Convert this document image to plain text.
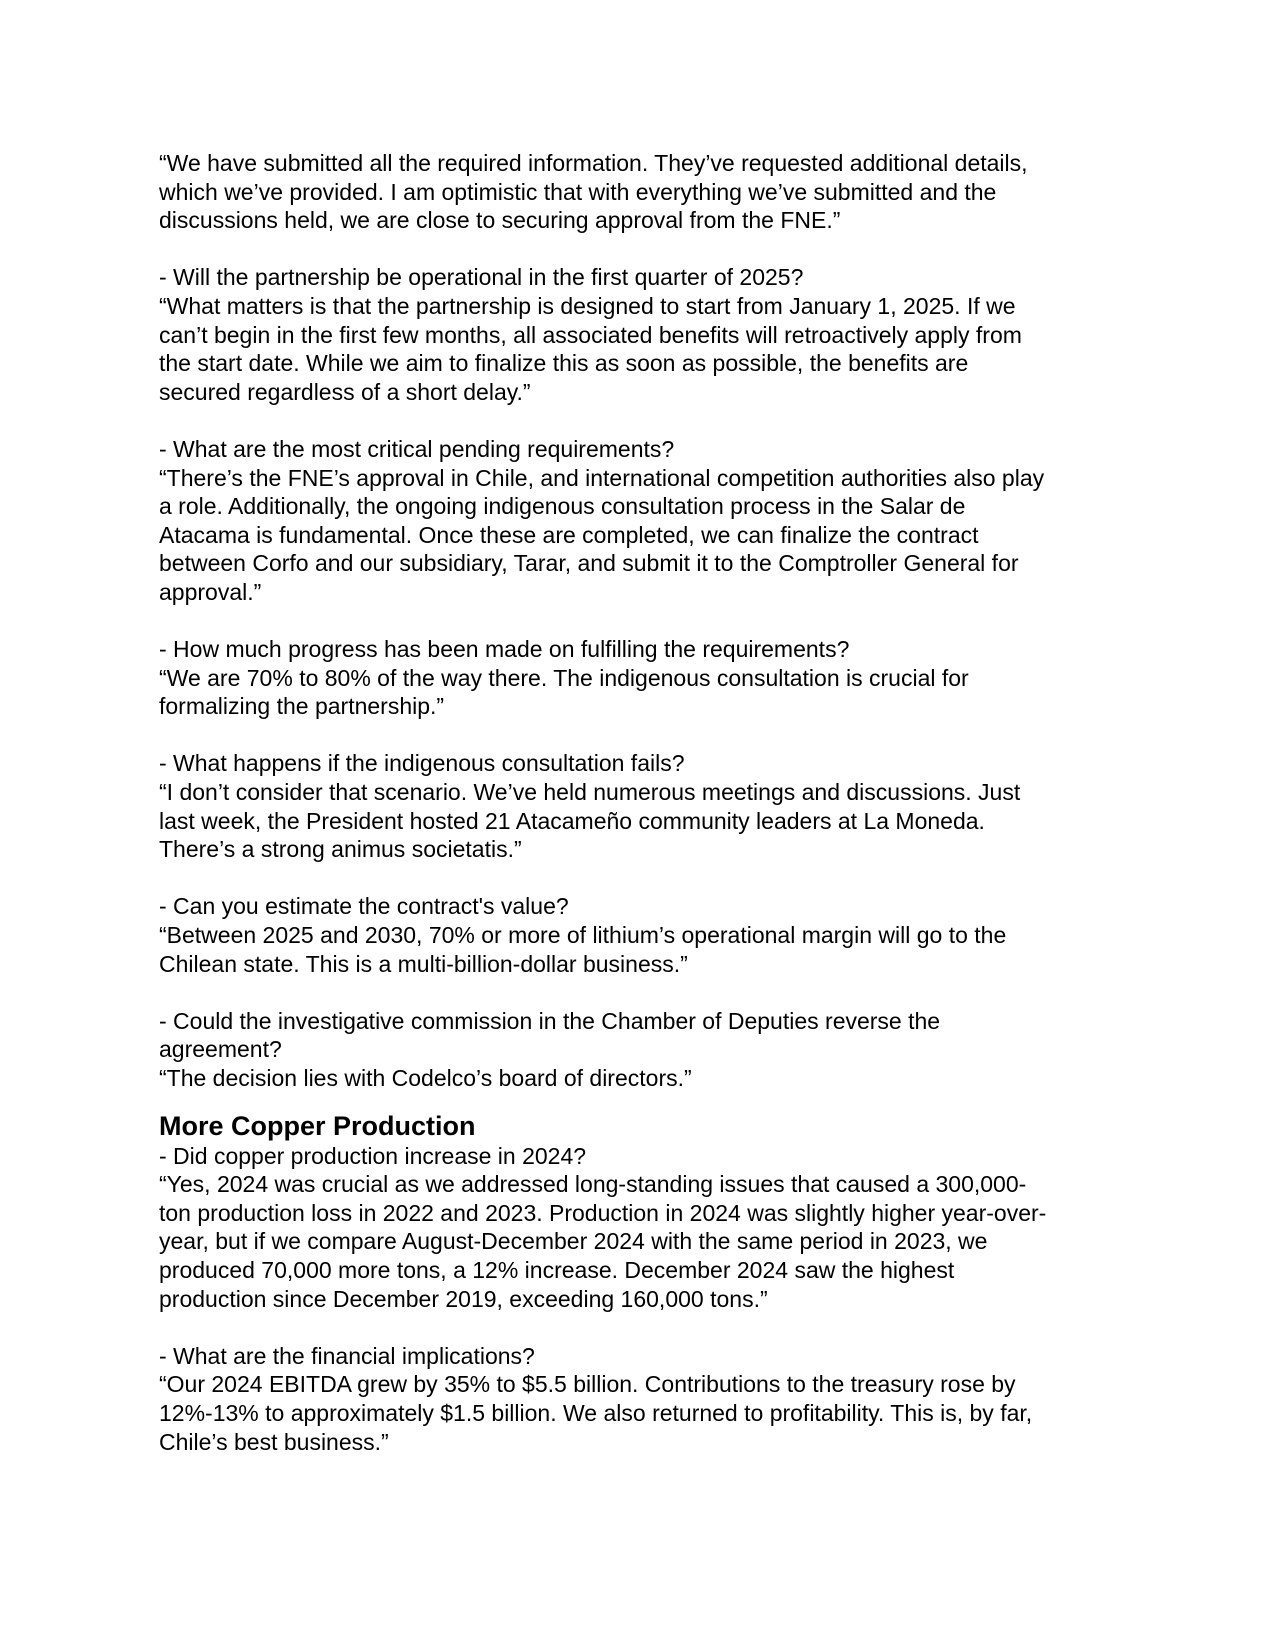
“We have submitted all the required information. They’ve requested additional details,
which we’ve provided. I am optimistic that with everything we’ve submitted and the
discussions held, we are close to securing approval from the FNE.”

- Will the partnership be operational in the first quarter of 2025?

“What matters is that the partnership is designed to start from January 1, 2025. If we
can’t begin in the first few months, all associated benefits will retroactively apply from
the start date. While we aim to finalize this as soon as possible, the benefits are
secured regardless of a short delay.”

- What are the most critical pending requirements?

“There’s the FNE’s approval in Chile, and international competition authorities also play
a role. Additionally, the ongoing indigenous consultation process in the Salar de
Atacama is fundamental. Once these are completed, we can finalize the contract
between Corfo and our subsidiary, Tarar, and submit it to the Comptroller General for
approval.”

- How much progress has been made on fulfilling the requirements?

“We are 70% to 80% of the way there. The indigenous consultation is crucial for
formalizing the partnership.”

- What happens if the indigenous consultation fails?

“I don’t consider that scenario. We’ve held numerous meetings and discussions. Just
last week, the President hosted 21 Atacameño community leaders at La Moneda.
There’s a strong animus societatis.”

- Can you estimate the contract's value?

“Between 2025 and 2030, 70% or more of lithium’s operational margin will go to the
Chilean state. This is a multi-billion-dollar business.”

- Could the investigative commission in the Chamber of Deputies reverse the
agreement?

“The decision lies with Codelco’s board of directors.”

More Copper Production

- Did copper production increase in 2024?

“Yes, 2024 was crucial as we addressed long-standing issues that caused a 300,000-
ton production loss in 2022 and 2023. Production in 2024 was slightly higher year-over-
year, but if we compare August-December 2024 with the same period in 2023, we
produced 70,000 more tons, a 12% increase. December 2024 saw the highest
production since December 2019, exceeding 160,000 tons.”

- What are the financial implications?

“Our 2024 EBITDA grew by 35% to $5.5 billion. Contributions to the treasury rose by
12%-13% to approximately $1.5 billion. We also returned to profitability. This is, by far,
Chile’s best business.”
